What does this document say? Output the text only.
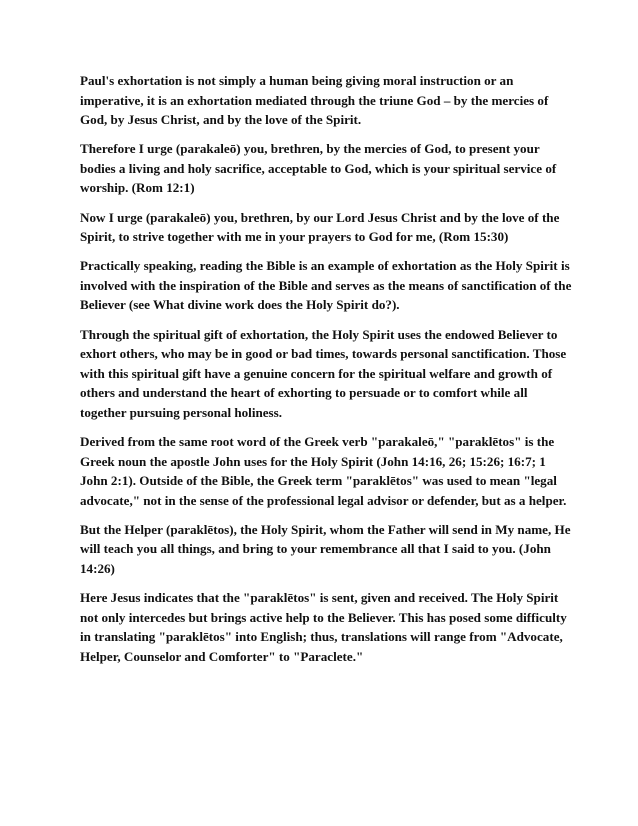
Paul's exhortation is not simply a human being giving moral instruction or an imperative, it is an exhortation mediated through the triune God – by the mercies of God, by Jesus Christ, and by the love of the Spirit.

Therefore I urge (parakaleō) you, brethren, by the mercies of God, to present your bodies a living and holy sacrifice, acceptable to God, which is your spiritual service of worship. (Rom 12:1)

Now I urge (parakaleō) you, brethren, by our Lord Jesus Christ and by the love of the Spirit, to strive together with me in your prayers to God for me, (Rom 15:30)

Practically speaking, reading the Bible is an example of exhortation as the Holy Spirit is involved with the inspiration of the Bible and serves as the means of sanctification of the Believer (see What divine work does the Holy Spirit do?).

Through the spiritual gift of exhortation, the Holy Spirit uses the endowed Believer to exhort others, who may be in good or bad times, towards personal sanctification. Those with this spiritual gift have a genuine concern for the spiritual welfare and growth of others and understand the heart of exhorting to persuade or to comfort while all together pursuing personal holiness.

Derived from the same root word of the Greek verb "parakaleō," "paraklētos" is the Greek noun the apostle John uses for the Holy Spirit (John 14:16, 26; 15:26; 16:7; 1 John 2:1). Outside of the Bible, the Greek term "paraklētos" was used to mean "legal advocate," not in the sense of the professional legal advisor or defender, but as a helper.

But the Helper (paraklētos), the Holy Spirit, whom the Father will send in My name, He will teach you all things, and bring to your remembrance all that I said to you. (John 14:26)

Here Jesus indicates that the "paraklētos" is sent, given and received. The Holy Spirit not only intercedes but brings active help to the Believer. This has posed some difficulty in translating "paraklētos" into English; thus, translations will range from "Advocate, Helper, Counselor and Comforter" to "Paraclete."
